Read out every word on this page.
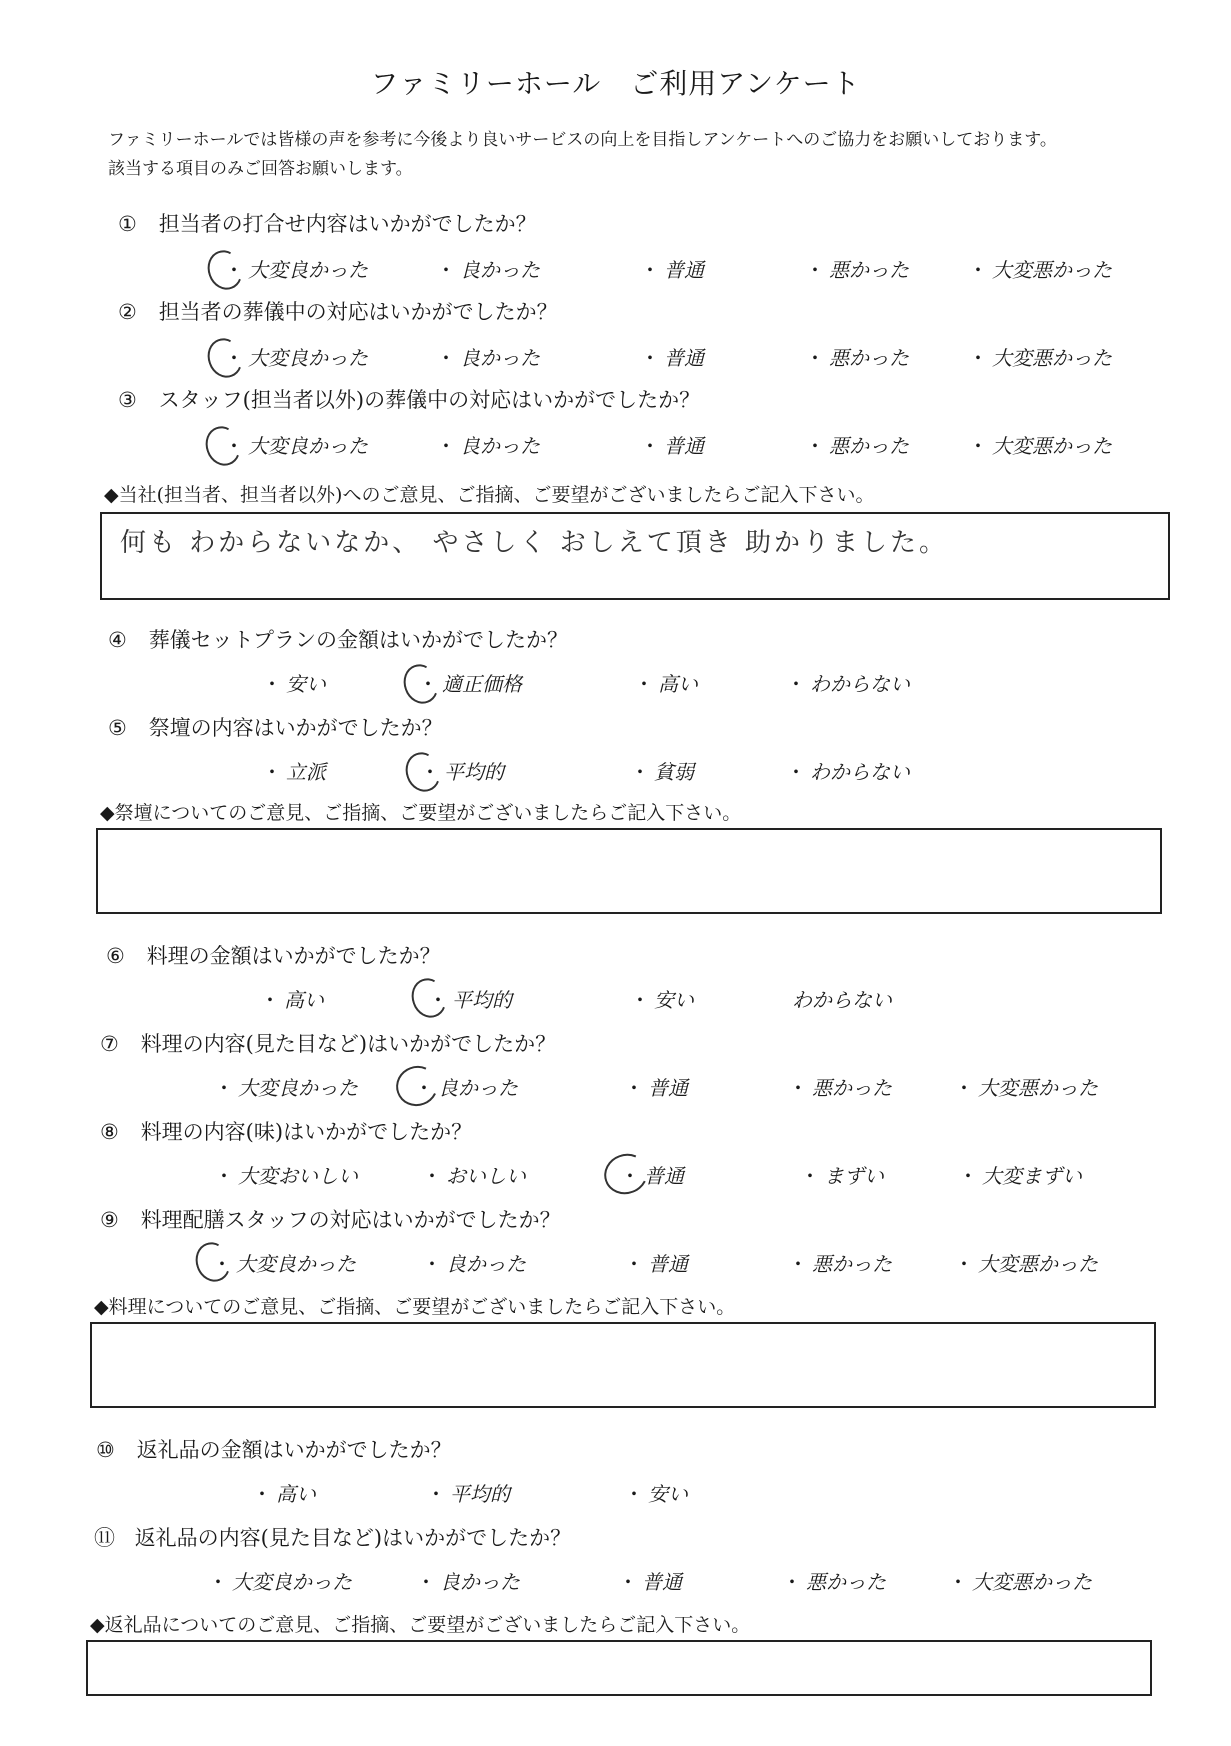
ファミリーホール　ご利用アンケート
ファミリーホールでは皆様の声を参考に今後より良いサービスの向上を目指しアンケートへのご協力をお願いしております。
該当する項目のみご回答お願いします。
① 担当者の打合せ内容はいかがでしたか？
・ 大変良かった	・ 良かった	・ 普通	・ 悪かった	・ 大変悪かった
② 担当者の葬儀中の対応はいかがでしたか？
・ 大変良かった	・ 良かった	・ 普通	・ 悪かった	・ 大変悪かった
③ スタッフ(担当者以外)の葬儀中の対応はいかがでしたか？
・ 大変良かった	・ 良かった	・ 普通	・ 悪かった	・ 大変悪かった
◆当社(担当者、担当者以外)へのご意見、ご指摘、ご要望がございましたらご記入下さい。
何も わからないなか、 やさしく おしえて頂き 助かりました。
④ 葬儀セットプランの金額はいかがでしたか？
・ 安い	・ 適正価格	・ 高い	・ わからない
⑤ 祭壇の内容はいかがでしたか？
・ 立派	・ 平均的	・ 貧弱	・ わからない
◆祭壇についてのご意見、ご指摘、ご要望がございましたらご記入下さい。
⑥ 料理の金額はいかがでしたか？
・ 高い	・ 平均的	・ 安い	わからない
⑦ 料理の内容(見た目など)はいかがでしたか？
・ 大変良かった	・ 良かった	・ 普通	・ 悪かった	・ 大変悪かった
⑧ 料理の内容(味)はいかがでしたか？
・ 大変おいしい	・ おいしい	・ 普通	・ まずい	・ 大変まずい
⑨ 料理配膳スタッフの対応はいかがでしたか？
・ 大変良かった	・ 良かった	・ 普通	・ 悪かった	・ 大変悪かった
◆料理についてのご意見、ご指摘、ご要望がございましたらご記入下さい。
⑩ 返礼品の金額はいかがでしたか？
・ 高い	・ 平均的	・ 安い
⑪ 返礼品の内容(見た目など)はいかがでしたか？
・ 大変良かった	・ 良かった	・ 普通	・ 悪かった	・ 大変悪かった
◆返礼品についてのご意見、ご指摘、ご要望がございましたらご記入下さい。
